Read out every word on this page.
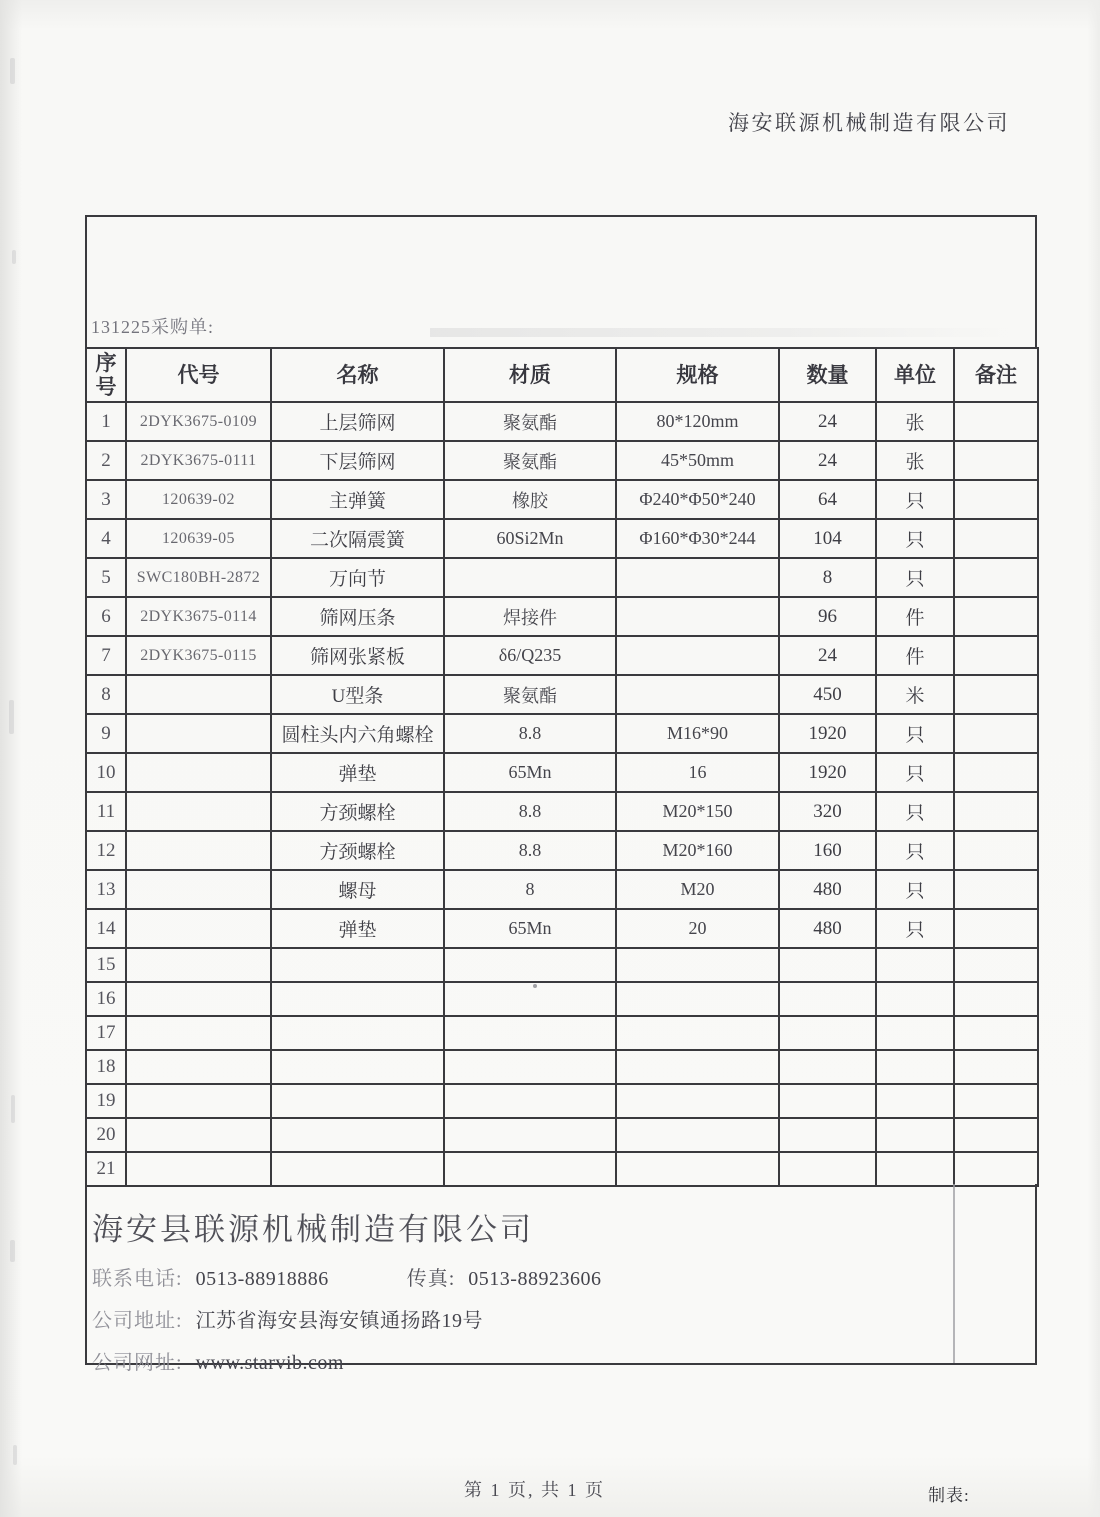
海安联源机械制造有限公司
131225采购单:
序号	代号	名称	材质	规格	数量	单位	备注
1	2DYK3675-0109	上层筛网	聚氨酯	80*120mm	24	张	
2	2DYK3675-0111	下层筛网	聚氨酯	45*50mm	24	张	
3	120639-02	主弹簧	橡胶	Φ240*Φ50*240	64	只	
4	120639-05	二次隔震簧	60Si2Mn	Φ160*Φ30*244	104	只	
5	SWC180BH-2872	万向节			8	只	
6	2DYK3675-0114	筛网压条	焊接件		96	件	
7	2DYK3675-0115	筛网张紧板	δ6/Q235		24	件	
8		U型条	聚氨酯		450	米	
9		圆柱头内六角螺栓	8.8	M16*90	1920	只	
10		弹垫	65Mn	16	1920	只	
11		方颈螺栓	8.8	M20*150	320	只	
12		方颈螺栓	8.8	M20*160	160	只	
13		螺母	8	M20	480	只	
14		弹垫	65Mn	20	480	只	
15							
16							
17							
18							
19							
20							
21							
海安县联源机械制造有限公司
联系电话: 0513-88918886	传真: 0513-88923606
公司地址: 江苏省海安县海安镇通扬路19号
公司网址: www.starvib.com
第 1 页, 共 1 页	制表:
